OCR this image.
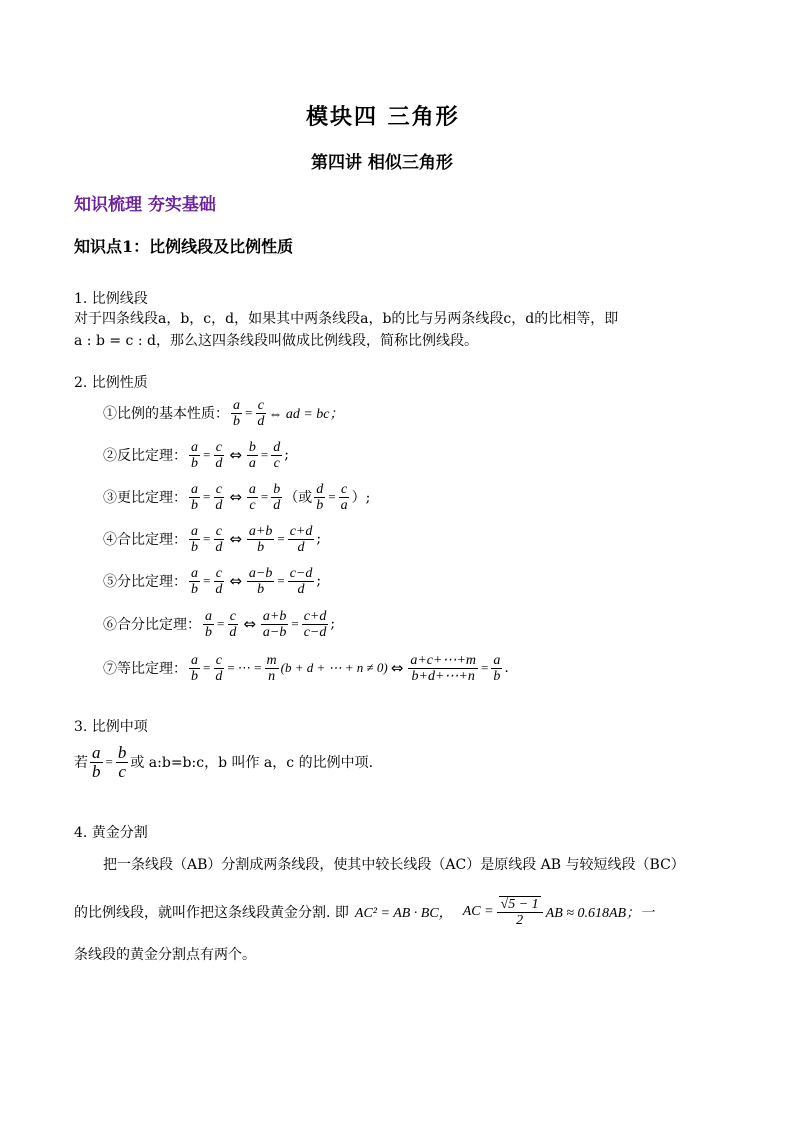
模块四 三角形
第四讲 相似三角形
知识梳理 夯实基础
知识点1：比例线段及比例性质
1. 比例线段
对于四条线段a，b，c，d，如果其中两条线段a，b的比与另两条线段c，d的比相等，即
a : b = c : d，那么这四条线段叫做成比例线段，简称比例线段。
2. 比例性质
①比例的基本性质： $\frac{a}{b} = \frac{c}{d}$ ⇔ ad = bc；
②反比定理： $\frac{a}{b} = \frac{c}{d}$ ⇔ $\frac{b}{a} = \frac{d}{c}$ ;
③更比定理： $\frac{a}{b} = \frac{c}{d}$ ⇔ $\frac{a}{c} = \frac{b}{d}$ （或 $\frac{d}{b} = \frac{c}{a}$ ）;
④合比定理： $\frac{a}{b} = \frac{c}{d}$ ⇔ $\frac{a+b}{b} = \frac{c+d}{d}$ ;
⑤分比定理： $\frac{a}{b} = \frac{c}{d}$ ⇔ $\frac{a-b}{b} = \frac{c-d}{d}$ ;
⑥合分比定理： $\frac{a}{b} = \frac{c}{d}$ ⇔ $\frac{a+b}{a-b} = \frac{c+d}{c-d}$ ;
⑦等比定理： $\frac{a}{b} = \frac{c}{d}$ = ⋯ = $\frac{m}{n} (b + d$ + ⋯ + n ≠ 0) ⇔ $\frac{a+c+\cdots+m}{b+d+\cdots+n} = \frac{a}{b}$ .
3. 比例中项
若 $\frac{a}{b} = \frac{b}{c}$ 或 a:b=b:c，b 叫作 a，c 的比例中项.
4. 黄金分割
把一条线段（AB）分割成两条线段，使其中较长线段（AC）是原线段 AB 与较短线段（BC）
的比例线段，就叫作把这条线段黄金分割. 即 AC² = AB · BC， AC = $\frac{√5 - 1}{2}$ AB ≈ 0.618AB；一
条线段的黄金分割点有两个。
